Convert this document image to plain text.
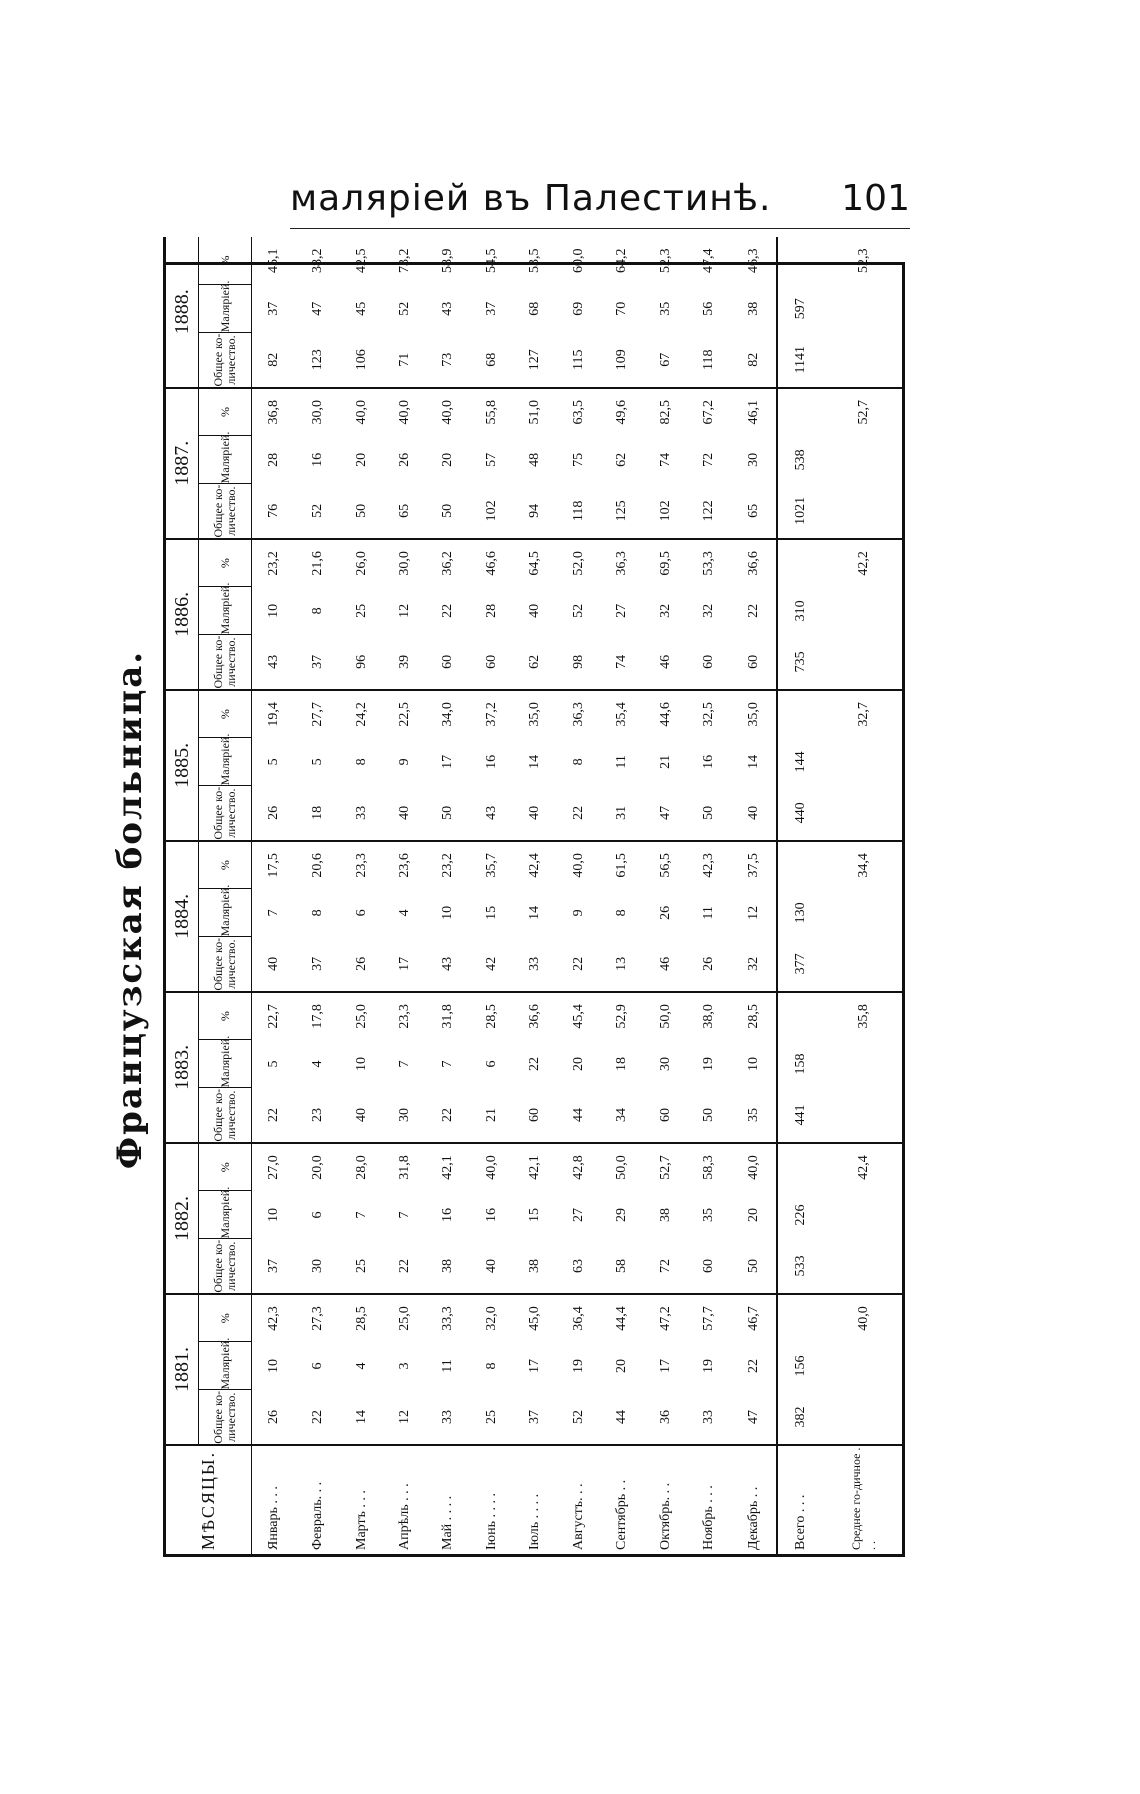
малярiей въ Палестинѣ. 101
Французская больница.
МѢСЯЦЫ.	1881.			1882.			1883.			1884.			1885.			1886.			1887.			1888.		
	Общее ко-личество.	Малярiей.	%	Общее ко-личество.	Малярiей.	%	Общее ко-личество.	Малярiей.	%	Общее ко-личество.	Малярiей.	%	Общее ко-личество.	Малярiей.	%	Общее ко-личество.	Малярiей.	%	Общее ко-личество.	Малярiей.	%	Общее ко-личество.	Малярiей.	%
Январь . . .	26	10	42,3	37	10	27,0	22	5	22,7	40	7	17,5	26	5	19,4	43	10	23,2	76	28	36,8	82	37	45,1
Февраль. . .	22	6	27,3	30	6	20,0	23	4	17,8	37	8	20,6	18	5	27,7	37	8	21,6	52	16	30,0	123	47	38,2
Мартъ . . .	14	4	28,5	25	7	28,0	40	10	25,0	26	6	23,3	33	8	24,2	96	25	26,0	50	20	40,0	106	45	42,5
Апрѣль . . .	12	3	25,0	22	7	31,8	30	7	23,3	17	4	23,6	40	9	22,5	39	12	30,0	65	26	40,0	71	52	73,2
Май . . . .	33	11	33,3	38	16	42,1	22	7	31,8	43	10	23,2	50	17	34,0	60	22	36,2	50	20	40,0	73	43	58,9
Iюнь . . . .	25	8	32,0	40	16	40,0	21	6	28,5	42	15	35,7	43	16	37,2	60	28	46,6	102	57	55,8	68	37	54,5
Iюль . . . .	37	17	45,0	38	15	42,1	60	22	36,6	33	14	42,4	40	14	35,0	62	40	64,5	94	48	51,0	127	68	53,5
Августъ. . .	52	19	36,4	63	27	42,8	44	20	45,4	22	9	40,0	22	8	36,3	98	52	52,0	118	75	63,5	115	69	60,0
Сентябрь . .	44	20	44,4	58	29	50,0	34	18	52,9	13	8	61,5	31	11	35,4	74	27	36,3	125	62	49,6	109	70	64,2
Октябрь. . .	36	17	47,2	72	38	52,7	60	30	50,0	46	26	56,5	47	21	44,6	46	32	69,5	102	74	82,5	67	35	52,3
Ноябрь . . .	33	19	57,7	60	35	58,3	50	19	38,0	26	11	42,3	50	16	32,5	60	32	53,3	122	72	67,2	118	56	47,4
Декабрь . .	47	22	46,7	50	20	40,0	35	10	28,5	32	12	37,5	40	14	35,0	60	22	36,6	65	30	46,1	82	38	46,3
Всего . . .	382	156		533	226		441	158		377	130		440	144		735	310		1021	538		1141	597	
Среднее го-дичное . . .			40,0			42,4			35,8			34,4			32,7			42,2			52,7			52,3
